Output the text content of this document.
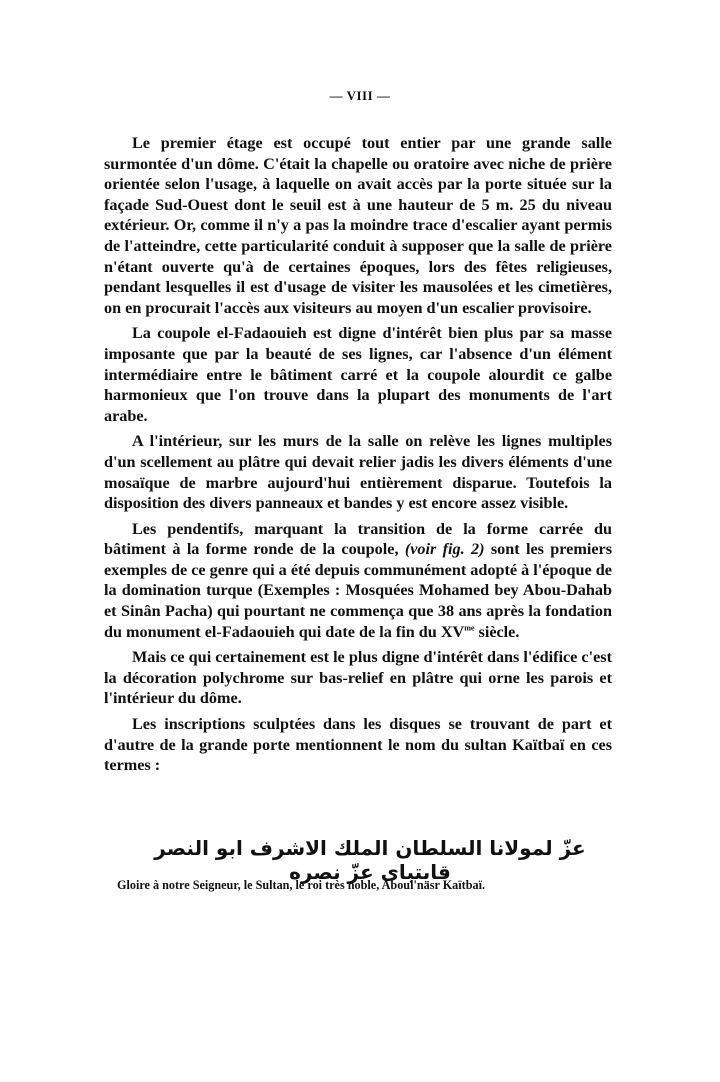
— VIII —

Le premier étage est occupé tout entier par une grande salle surmontée d'un dôme. C'était la chapelle ou oratoire avec niche de prière orientée selon l'usage, à laquelle on avait accès par la porte située sur la façade Sud-Ouest dont le seuil est à une hauteur de 5 m. 25 du niveau extérieur. Or, comme il n'y a pas la moindre trace d'escalier ayant permis de l'atteindre, cette particularité conduit à supposer que la salle de prière n'étant ouverte qu'à de certaines époques, lors des fêtes religieuses, pendant lesquelles il est d'usage de visiter les mausolées et les cimetières, on en procurait l'accès aux visiteurs au moyen d'un escalier provisoire.

La coupole el-Fadaouieh est digne d'intérêt bien plus par sa masse imposante que par la beauté de ses lignes, car l'absence d'un élément intermédiaire entre le bâtiment carré et la coupole alourdit ce galbe harmonieux que l'on trouve dans la plupart des monuments de l'art arabe.

A l'intérieur, sur les murs de la salle on relève les lignes multiples d'un scellement au plâtre qui devait relier jadis les divers éléments d'une mosaïque de marbre aujourd'hui entièrement disparue. Toutefois la disposition des divers panneaux et bandes y est encore assez visible.

Les pendentifs, marquant la transition de la forme carrée du bâtiment à la forme ronde de la coupole, (voir fig. 2) sont les premiers exemples de ce genre qui a été depuis communément adopté à l'époque de la domination turque (Exemples : Mosquées Mohamed bey Abou-Dahab et Sinân Pacha) qui pourtant ne commença que 38 ans après la fondation du monument el-Fadaouieh qui date de la fin du $XV^{me}$ siècle.

Mais ce qui certainement est le plus digne d'intérêt dans l'édifice c'est la décoration polychrome sur bas-relief en plâtre qui orne les parois et l'intérieur du dôme.

Les inscriptions sculptées dans les disques se trouvant de part et d'autre de la grande porte mentionnent le nom du sultan Kaïtbaï en ces termes :

عزّ لمولانا السلطان الملك الاشرف ابو النصر قايتباى عزّ نصره
Gloire à notre Seigneur, le Sultan, le roi très noble, Aboul'nasr Kaïtbaï.
